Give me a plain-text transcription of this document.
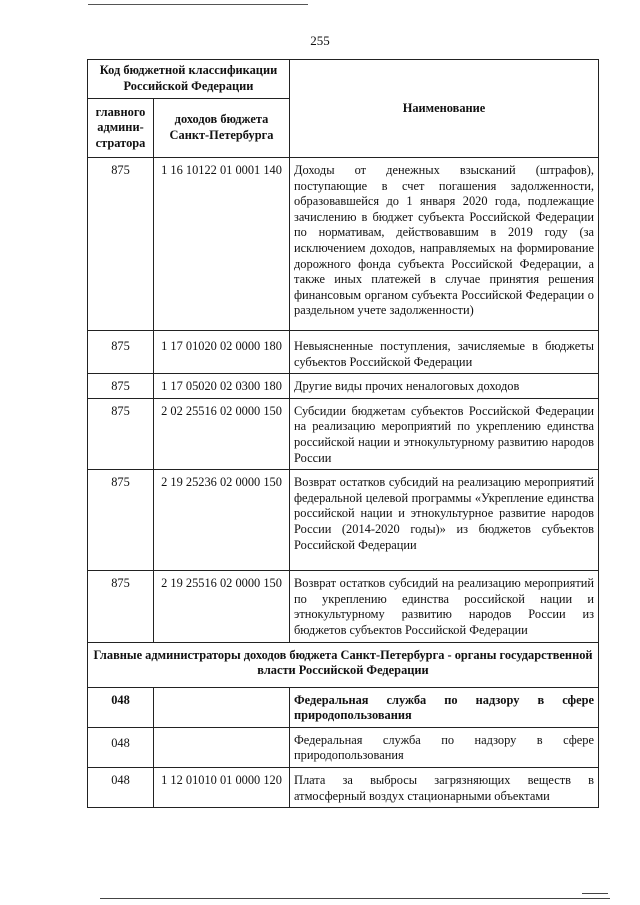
255
Код бюджетной классификации Российской Федерации		Наименование
главного админи-стратора	доходов бюджета Санкт-Петербурга	
875	1 16 10122 01 0001 140	Доходы от денежных взысканий (штрафов), поступающие в счет погашения задолженности, образовавшейся до 1 января 2020 года, подлежащие зачислению в бюджет субъекта Российской Федерации по нормативам, действовавшим в 2019 году (за исключением доходов, направляемых на формирование дорожного фонда субъекта Российской Федерации, а также иных платежей в случае принятия решения финансовым органом субъекта Российской Федерации о раздельном учете задолженности)
875	1 17 01020 02 0000 180	Невыясненные поступления, зачисляемые в бюджеты субъектов Российской Федерации
875	1 17 05020 02 0300 180	Другие виды прочих неналоговых доходов
875	2 02 25516 02 0000 150	Субсидии бюджетам субъектов Российской Федерации на реализацию мероприятий по укреплению единства российской нации и этнокультурному развитию народов России
875	2 19 25236 02 0000 150	Возврат остатков субсидий на реализацию мероприятий федеральной целевой программы «Укрепление единства российской нации и этнокультурное развитие народов России (2014-2020 годы)» из бюджетов субъектов Российской Федерации
875	2 19 25516 02 0000 150	Возврат остатков субсидий на реализацию мероприятий по укреплению единства российской нации и этнокультурному развитию народов России из бюджетов субъектов Российской Федерации
Главные администраторы доходов бюджета Санкт-Петербурга - органы государственной власти Российской Федерации		
048		Федеральная служба по надзору в сфере природопользования
048		Федеральная служба по надзору в сфере природопользования
048	1 12 01010 01 0000 120	Плата за выбросы загрязняющих веществ в атмосферный воздух стационарными объектами
